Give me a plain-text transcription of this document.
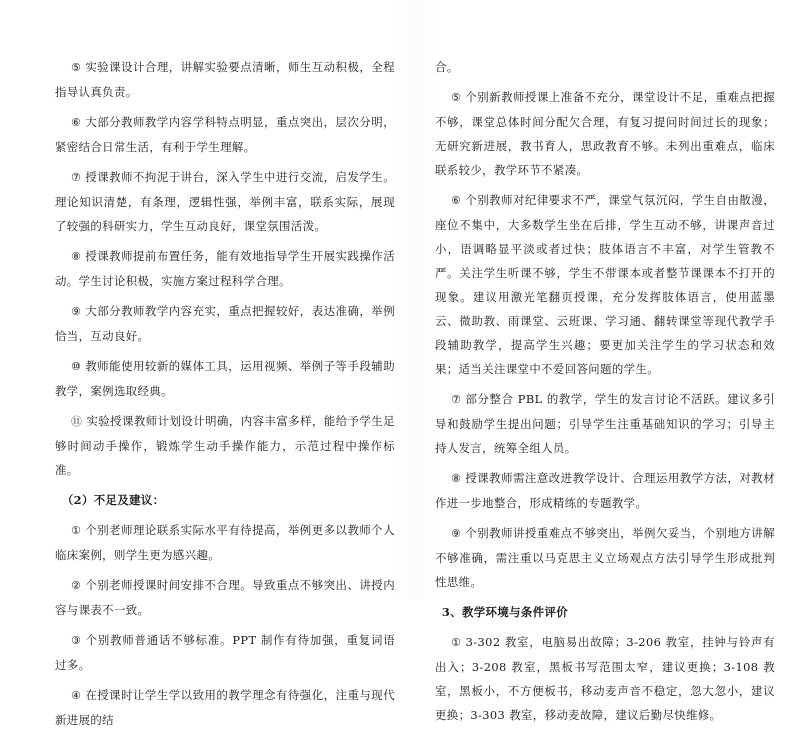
⑤ 实验课设计合理，讲解实验要点清晰，师生互动积极，全程指导认真负责。

⑥ 大部分教师教学内容学科特点明显，重点突出，层次分明，紧密结合日常生活，有利于学生理解。

⑦ 授课教师不拘泥于讲台，深入学生中进行交流，启发学生。理论知识清楚，有条理，逻辑性强，举例丰富，联系实际，展现了较强的科研实力，学生互动良好，课堂氛围活泼。

⑧ 授课教师提前布置任务，能有效地指导学生开展实践操作活动。学生讨论积极，实施方案过程科学合理。

⑨ 大部分教师教学内容充实，重点把握较好，表达准确，举例恰当，互动良好。

⑩ 教师能使用较新的媒体工具，运用视频、举例子等手段辅助教学，案例选取经典。

⑪ 实验授课教师计划设计明确，内容丰富多样，能给予学生足够时间动手操作，锻炼学生动手操作能力，示范过程中操作标准。

（2）不足及建议：

① 个别老师理论联系实际水平有待提高，举例更多以教师个人临床案例，则学生更为感兴趣。

② 个别老师授课时间安排不合理。导致重点不够突出、讲授内容与课表不一致。

③ 个别教师普通话不够标准。PPT 制作有待加强，重复词语过多。

④ 在授课时让学生学以致用的教学理念有待强化，注重与现代新进展的结

合。

⑤ 个别新教师授课上准备不充分，课堂设计不足，重难点把握不够，课堂总体时间分配欠合理，有复习提问时间过长的现象；无研究新进展，教书育人，思政教育不够。未列出重难点，临床联系较少，教学环节不紧凑。

⑥ 个别教师对纪律要求不严，课堂气氛沉闷，学生自由散漫，座位不集中，大多数学生坐在后排，学生互动不够，讲课声音过小，语调略显平淡或者过快；肢体语言不丰富，对学生管教不严。关注学生听课不够，学生不带课本或者整节课课本不打开的现象。建议用激光笔翻页授课，充分发挥肢体语言，使用蓝墨云、微助教、雨课堂、云班课、学习通、翻转课堂等现代教学手段辅助教学，提高学生兴趣；要更加关注学生的学习状态和效果；适当关注课堂中不爱回答问题的学生。

⑦ 部分整合 PBL 的教学，学生的发言讨论不活跃。建议多引导和鼓励学生提出问题；引导学生注重基础知识的学习；引导主持人发言，统筹全组人员。

⑧ 授课教师需注意改进教学设计、合理运用教学方法，对教材作进一步地整合，形成精练的专题教学。

⑨ 个别教师讲授重难点不够突出，举例欠妥当，个别地方讲解不够准确，需注重以马克思主义立场观点方法引导学生形成批判性思维。

3、教学环境与条件评价

① 3-302 教室，电脑易出故障；3-206 教室，挂钟与铃声有出入；3-208 教室，黑板书写范围太窄，建议更换；3-108 教室，黑板小，不方便板书，移动麦声音不稳定，忽大忽小，建议更换；3-303 教室，移动麦故障，建议后勤尽快维修。
